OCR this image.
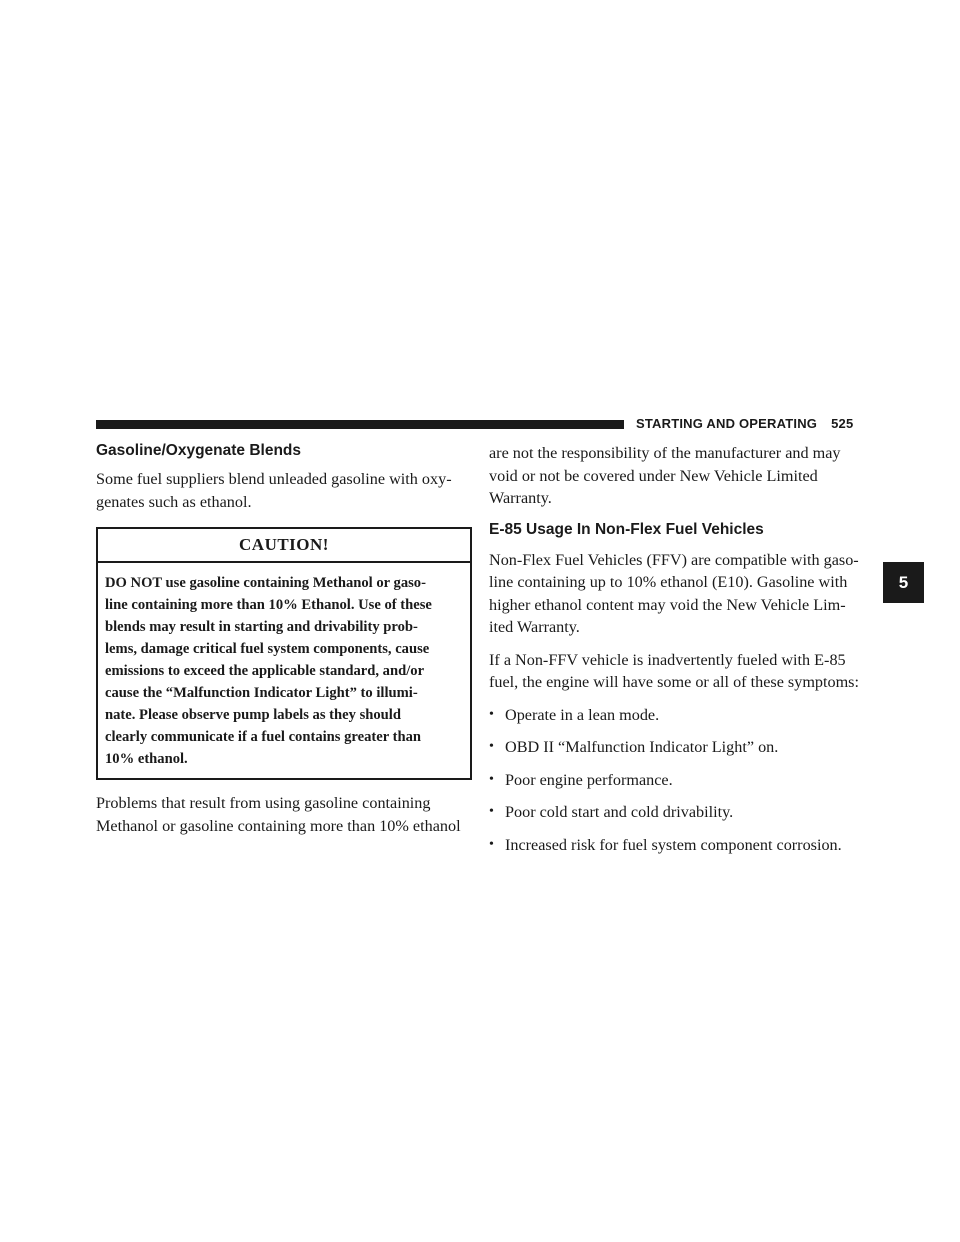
STARTING AND OPERATING 525
5
Gasoline/Oxygenate Blends

Some fuel suppliers blend unleaded gasoline with oxy-
genates such as ethanol.

CAUTION!
DO NOT use gasoline containing Methanol or gaso-
line containing more than 10% Ethanol. Use of these
blends may result in starting and drivability prob-
lems, damage critical fuel system components, cause
emissions to exceed the applicable standard, and/or
cause the “Malfunction Indicator Light” to illumi-
nate. Please observe pump labels as they should
clearly communicate if a fuel contains greater than
10% ethanol.

Problems that result from using gasoline containing
Methanol or gasoline containing more than 10% ethanol

are not the responsibility of the manufacturer and may
void or not be covered under New Vehicle Limited
Warranty.

E-85 Usage In Non-Flex Fuel Vehicles

Non-Flex Fuel Vehicles (FFV) are compatible with gaso-
line containing up to 10% ethanol (E10). Gasoline with
higher ethanol content may void the New Vehicle Lim-
ited Warranty.

If a Non-FFV vehicle is inadvertently fueled with E-85
fuel, the engine will have some or all of these symptoms:

• Operate in a lean mode.
• OBD II “Malfunction Indicator Light” on.
• Poor engine performance.
• Poor cold start and cold drivability.
• Increased risk for fuel system component corrosion.
